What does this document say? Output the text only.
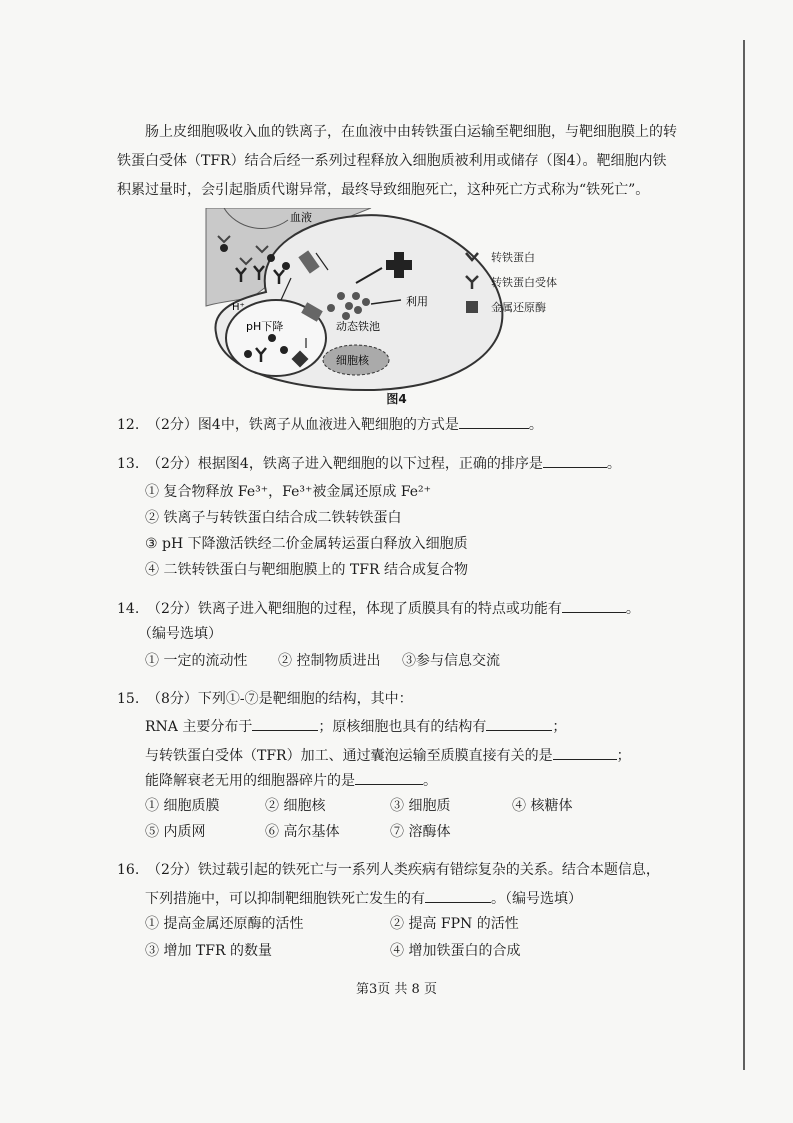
肠上皮细胞吸收入血的铁离子，在血液中由转铁蛋白运输至靶细胞，与靶细胞膜上的转铁蛋白受体（TFR）结合后经一系列过程释放入细胞质被利用或储存（图4）。靶细胞内铁积累过量时，会引起脂质代谢异常，最终导致细胞死亡，这种死亡方式称为“铁死亡”。

血液
H⁺
pH下降	动态铁池
利用
细胞核
转铁蛋白
转铁蛋白受体
金属还原酶
图4
12. （2分）图4中，铁离子从血液进入靶细胞的方式是	。
13. （2分）根据图4，铁离子进入靶细胞的以下过程，正确的排序是	。
① 复合物释放 Fe³⁺，Fe³⁺被金属还原成 Fe²⁺
② 铁离子与转铁蛋白结合成二铁转铁蛋白
③ pH 下降激活铁经二价金属转运蛋白释放入细胞质
④ 二铁转铁蛋白与靶细胞膜上的 TFR 结合成复合物
14. （2分）铁离子进入靶细胞的过程，体现了质膜具有的特点或功能有	。
（编号选填）
① 一定的流动性 ② 控制物质进出 ③参与信息交流
15. （8分）下列①-⑦是靶细胞的结构，其中：
RNA 主要分布于	；原核细胞也具有的结构有	；
与转铁蛋白受体（TFR）加工、通过囊泡运输至质膜直接有关的是	；
能降解衰老无用的细胞器碎片的是	。
① 细胞质膜	② 细胞核	③ 细胞质	④ 核糖体
⑤ 内质网	⑥ 高尔基体	⑦ 溶酶体
16. （2分）铁过载引起的铁死亡与一系列人类疾病有错综复杂的关系。结合本题信息，
下列措施中，可以抑制靶细胞铁死亡发生的有	。（编号选填）
① 提高金属还原酶的活性	② 提高 FPN 的活性
③ 增加 TFR 的数量	④ 增加铁蛋白的合成
第3页 共 8 页
